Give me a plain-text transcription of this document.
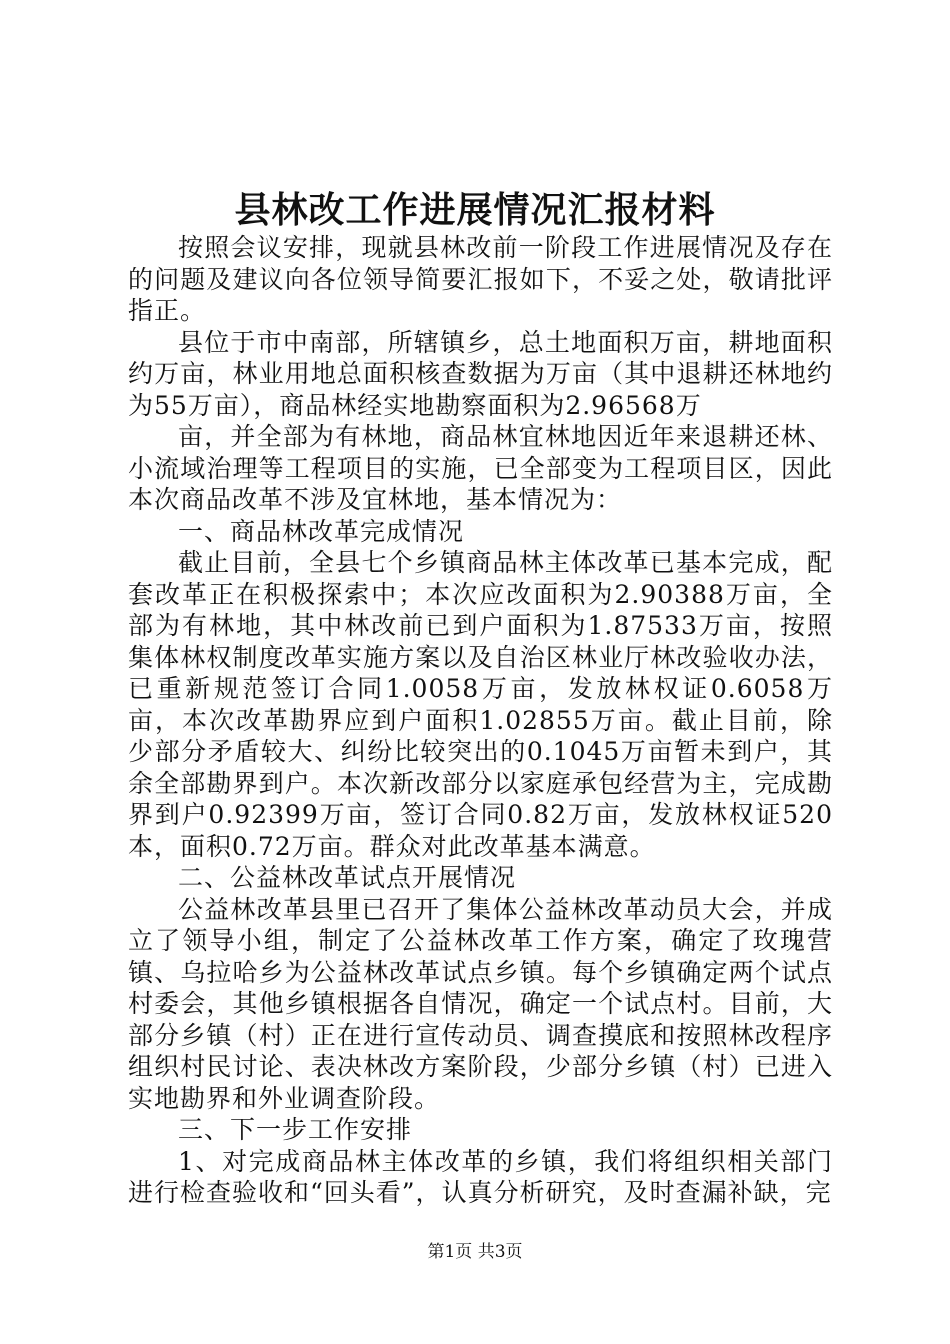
县林改工作进展情况汇报材料

按照会议安排，现就县林改前一阶段工作进展情况及存在的问题及建议向各位领导简要汇报如下，不妥之处，敬请批评指正。

县位于市中南部，所辖镇乡，总土地面积万亩，耕地面积约万亩，林业用地总面积核查数据为万亩（其中退耕还林地约为55万亩），商品林经实地勘察面积为2.96568万

亩，并全部为有林地，商品林宜林地因近年来退耕还林、小流域治理等工程项目的实施，已全部变为工程项目区，因此本次商品改革不涉及宜林地，基本情况为：

一、商品林改革完成情况

截止目前，全县七个乡镇商品林主体改革已基本完成，配套改革正在积极探索中；本次应改面积为2.90388万亩，全部为有林地，其中林改前已到户面积为1.87533万亩，按照集体林权制度改革实施方案以及自治区林业厅林改验收办法，已重新规范签订合同1.0058万亩，发放林权证0.6058万亩，本次改革勘界应到户面积1.02855万亩。截止目前，除少部分矛盾较大、纠纷比较突出的0.1045万亩暂未到户，其余全部勘界到户。本次新改部分以家庭承包经营为主，完成勘界到户0.92399万亩，签订合同0.82万亩，发放林权证520本，面积0.72万亩。群众对此改革基本满意。

二、公益林改革试点开展情况

公益林改革县里已召开了集体公益林改革动员大会，并成立了领导小组，制定了公益林改革工作方案，确定了玫瑰营镇、乌拉哈乡为公益林改革试点乡镇。每个乡镇确定两个试点村委会，其他乡镇根据各自情况，确定一个试点村。目前，大部分乡镇（村）正在进行宣传动员、调查摸底和按照林改程序组织村民讨论、表决林改方案阶段，少部分乡镇（村）已进入实地勘界和外业调查阶段。

三、下一步工作安排

1、对完成商品林主体改革的乡镇，我们将组织相关部门进行检查验收和“回头看”，认真分析研究，及时查漏补缺，完

第1页 共3页
